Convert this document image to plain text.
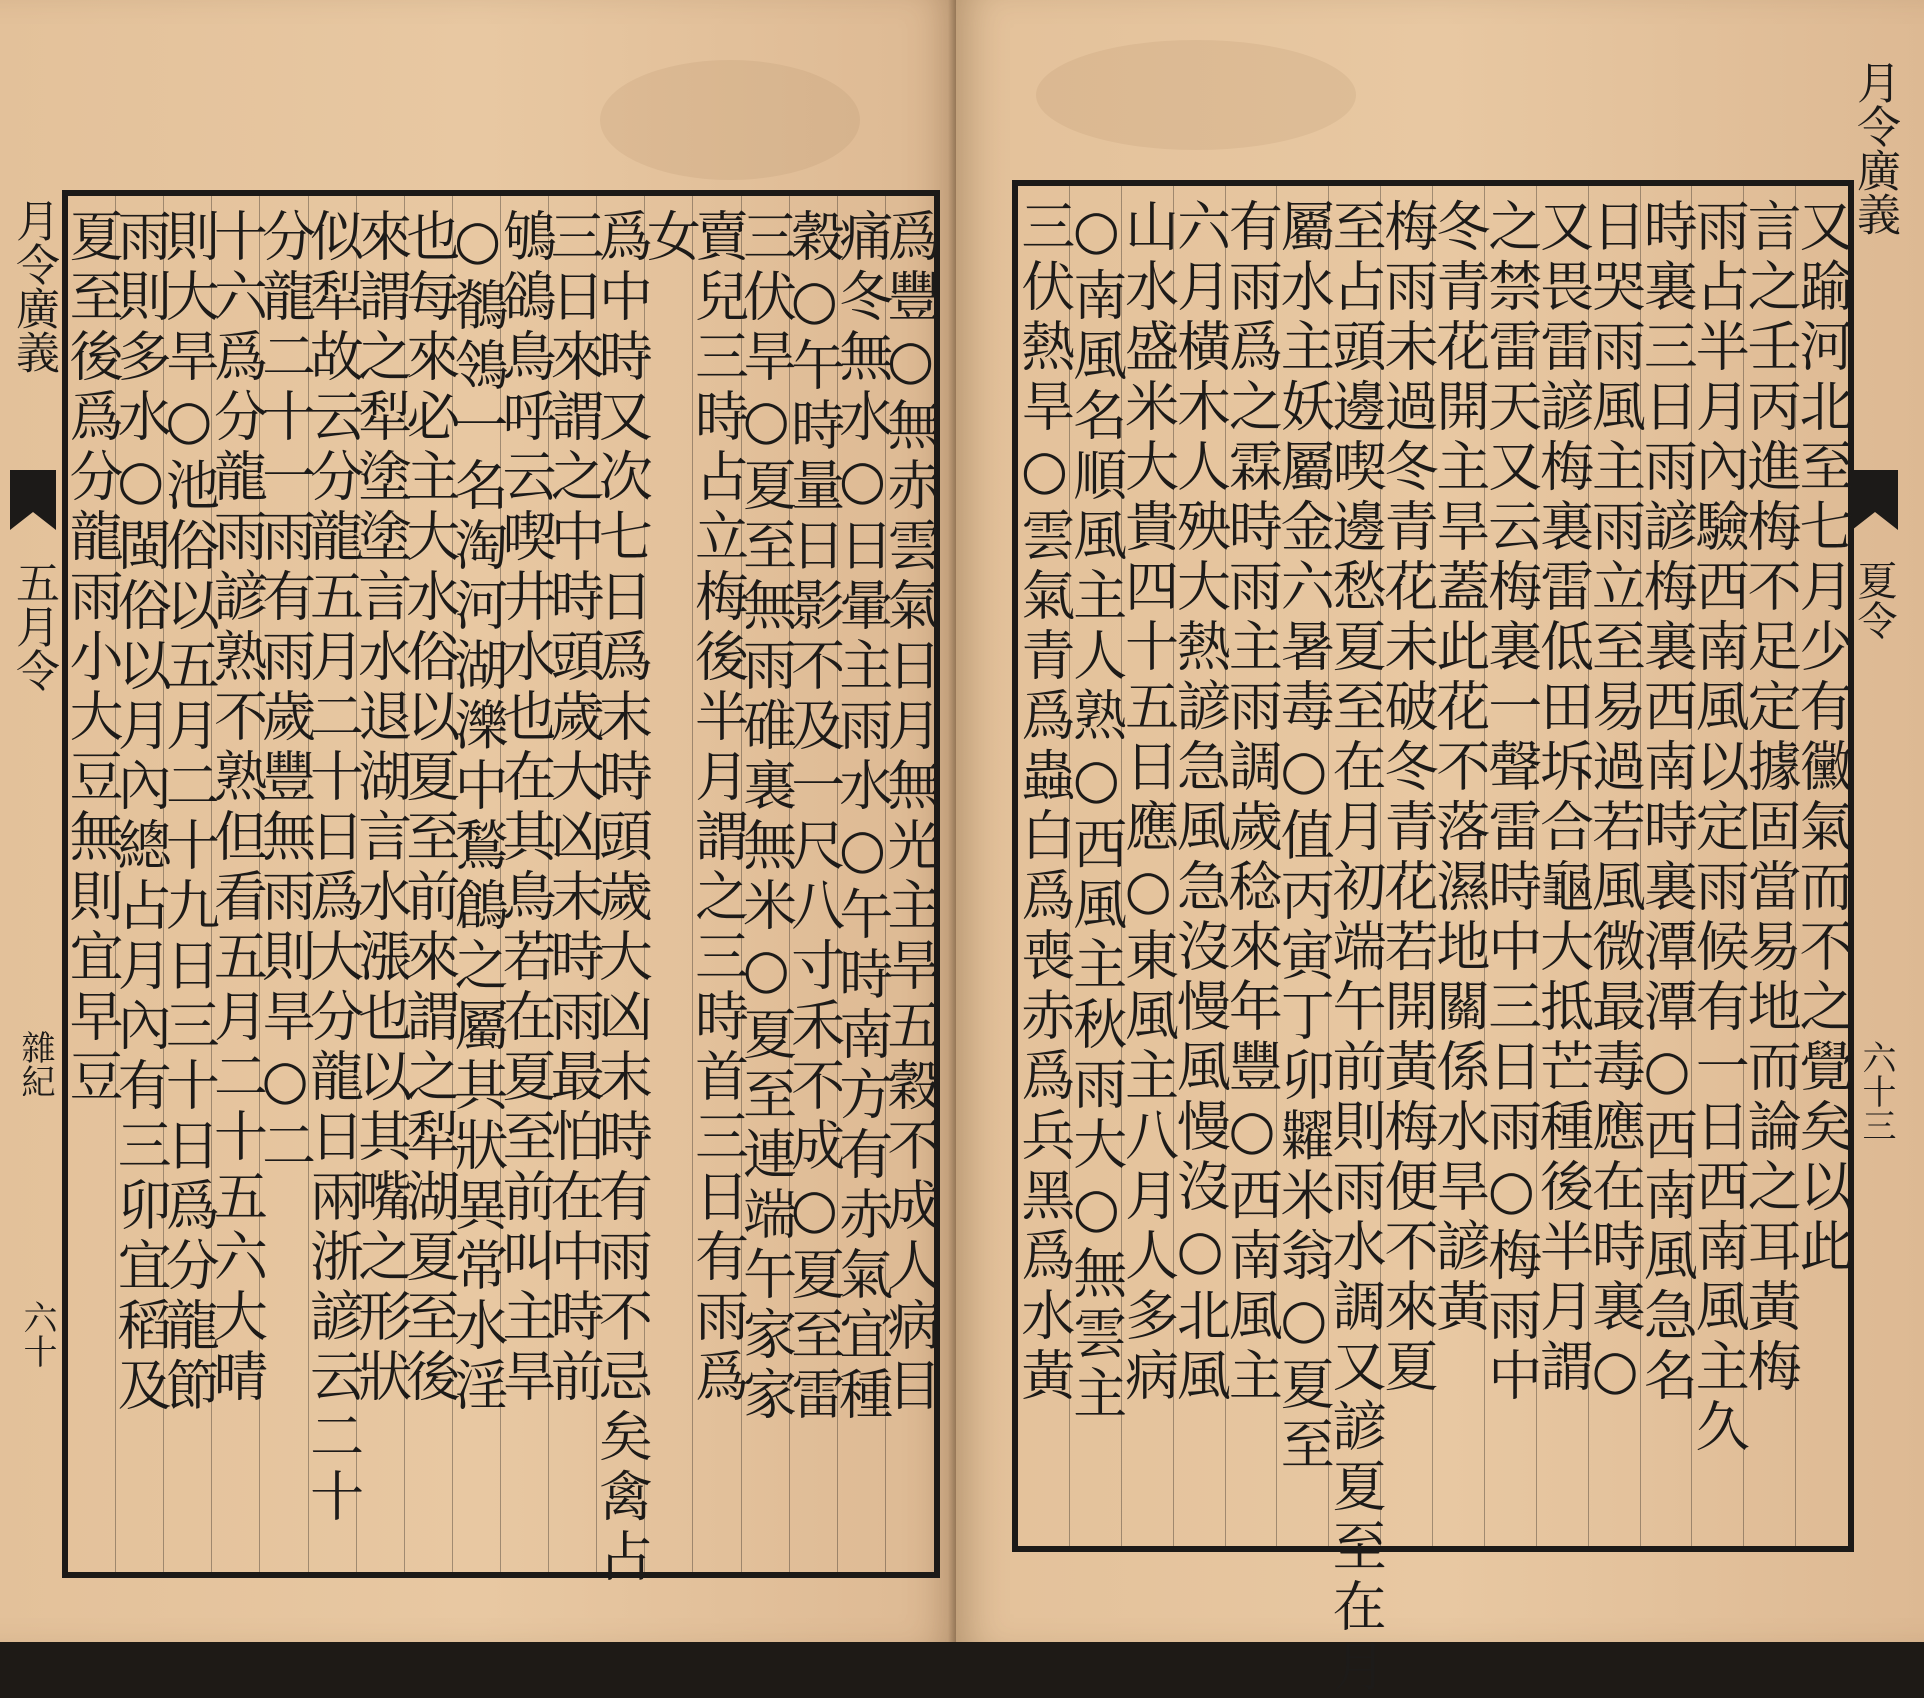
月令廣義
五月令
雜紀
六十	爲豐○無赤雲氣日月無光主旱五穀不成人病目
痛冬無水○日暈主雨水○午時南方有赤氣宜種
穀○午時量日影不及一尺八寸禾不成○夏至雷
三伏旱○夏至無雨碓裏無米○夏至連端午家家
賣兒三時占立梅後半月謂之三時首三日有雨爲
女
爲中時又次七日爲末時頭歲大凶末時有雨不忌矣禽占
三日來謂之中時頭歲大凶末時雨最怕在中時前
鴝鵒鳥呼云喫井水也在其鳥若在夏至前叫主旱
○鶺鴒一名淘河湖濼中鶖鶬之屬其狀異常水淫
也每來必主大水俗以夏至前來謂之犁湖夏至後
來謂之犁塗塗言水退湖言水漲也以其嘴之形狀
似犁故云分龍五月二十日爲大分龍日兩浙諺云二十
分龍二十一雨有雨歲豐無雨則旱○二
十六爲分龍雨諺熟不熟但看五月二十五六大晴
則大旱○池俗以五月二十九日三十日爲分龍節
雨則多水○閩俗以月內總占月內有三卯宜稻及
夏至後爲分龍雨小大豆無則宜早豆
月令廣義
夏令
六十三
又踰河北至七月少有黴氣而不之覺矣以此
言之壬丙進梅不足定據固當易地而論之耳黃梅
雨占半月內驗西南風以定雨候有一日西南風主久
時裏三日雨諺梅裏西南時裏潭潭○西南風急名
日哭雨風主雨立至易過若風微最毒應在時裏○
又畏雷諺梅裏雷低田坼合龜大抵芒種後半月謂
之禁雷天又云梅裏一聲雷時中三日雨○梅雨中
冬青花開主旱蓋此花不落濕地關係水旱諺黃
梅雨未過冬青花未破冬青花若開黃梅便不來夏
至占頭邊喫邊愁夏至在月初端午前則雨水調又諺夏至在月
屬水主妖屬金六暑毒○值丙寅丁卯糶米翁○夏至
有雨爲之霖時雨主雨調歲稔來年豐○西南風主
六月橫木人殃大熱諺急風急沒慢風慢沒○北風
山水盛米大貴四十五日應○東風主八月人多病
○南風名順風主人熟○西風主秋雨大○無雲主
三伏熱旱○雲氣青爲蟲白爲喪赤爲兵黑爲水黃
